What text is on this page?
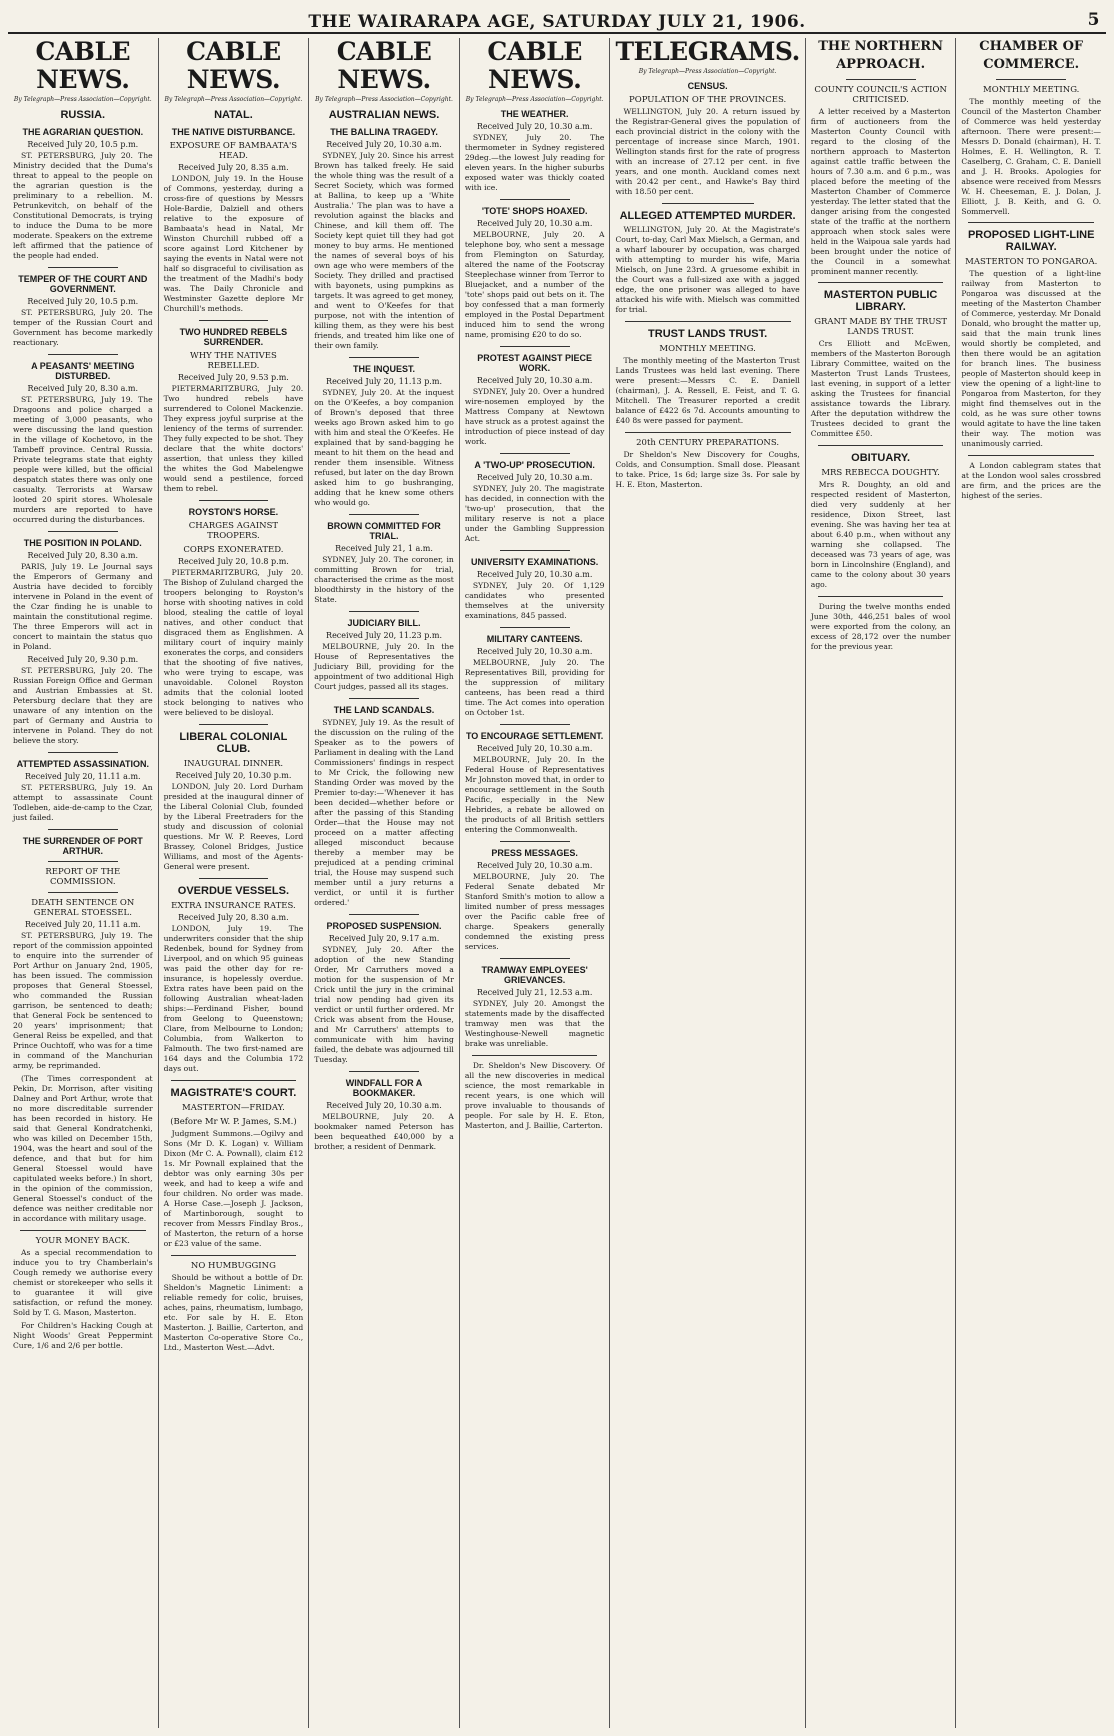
THE WAIRARAPA AGE, SATURDAY JULY 21, 1906.	5
CABLE NEWS.
By Telegraph—Press Association—Copyright.
RUSSIA.
THE AGRARIAN QUESTION.
Received July 20, 10.5 p.m.

ST. PETERSBURG, July 20. The Ministry decided that the Duma's threat to appeal to the people on the agrarian question is the preliminary to a rebellion. M. Petrunkevitch, on behalf of the Constitutional Democrats, is trying to induce the Duma to be more moderate. Speakers on the extreme left affirmed that the patience of the people had ended.

TEMPER OF THE COURT AND GOVERNMENT.
Received July 20, 10.5 p.m.

ST. PETERSBURG, July 20. The temper of the Russian Court and Government has become markedly reactionary.

A PEASANTS' MEETING DISTURBED.
Received July 20, 8.30 a.m.

ST. PETERSBURG, July 19. The Dragoons and police charged a meeting of 3,000 peasants, who were discussing the land question in the village of Kochetovo, in the Tambeff province. Central Russia. Private telegrams state that eighty people were killed, but the official despatch states there was only one casualty. Terrorists at Warsaw looted 20 spirit stores. Wholesale murders are reported to have occurred during the disturbances.

THE POSITION IN POLAND.
Received July 20, 8.30 a.m.

PARIS, July 19. Le Journal says the Emperors of Germany and Austria have decided to forcibly intervene in Poland in the event of the Czar finding he is unable to maintain the constitutional regime. The three Emperors will act in concert to maintain the status quo in Poland.

Received July 20, 9.30 p.m.

ST. PETERSBURG, July 20. The Russian Foreign Office and German and Austrian Embassies at St. Petersburg declare that they are unaware of any intention on the part of Germany and Austria to intervene in Poland. They do not believe the story.

ATTEMPTED ASSASSINATION.
Received July 20, 11.11 a.m.

ST. PETERSBURG, July 19. An attempt to assassinate Count Todleben, aide-de-camp to the Czar, just failed.

THE SURRENDER OF PORT ARTHUR.
REPORT OF THE COMMISSION.
DEATH SENTENCE ON GENERAL STOESSEL.
Received July 20, 11.11 a.m.

ST. PETERSBURG, July 19. The report of the commission appointed to enquire into the surrender of Port Arthur on January 2nd, 1905, has been issued. The commission proposes that General Stoessel, who commanded the Russian garrison, be sentenced to death; that General Fock be sentenced to 20 years' imprisonment; that General Reiss be expelled, and that Prince Ouchtoff, who was for a time in command of the Manchurian army, be reprimanded.

(The Times correspondent at Pekin, Dr. Morrison, after visiting Dalney and Port Arthur, wrote that no more discreditable surrender has been recorded in history. He said that General Kondratchenki, who was killed on December 15th, 1904, was the heart and soul of the defence, and that but for him General Stoessel would have capitulated weeks before.) In short, in the opinion of the commission, General Stoessel's conduct of the defence was neither creditable nor in accordance with military usage.

YOUR MONEY BACK.

As a special recommendation to induce you to try Chamberlain's Cough remedy we authorise every chemist or storekeeper who sells it to guarantee it will give satisfaction, or refund the money. Sold by T. G. Mason, Masterton.

For Children's Hacking Cough at Night Woods' Great Peppermint Cure, 1/6 and 2/6 per bottle.

CABLE NEWS.
By Telegraph—Press Association—Copyright.
NATAL.
THE NATIVE DISTURBANCE.
EXPOSURE OF BAMBAATA'S HEAD.
Received July 20, 8.35 a.m.

LONDON, July 19. In the House of Commons, yesterday, during a cross-fire of questions by Messrs Hole-Bardie, Dalziell and others relative to the exposure of Bambaata's head in Natal, Mr Winston Churchill rubbed off a score against Lord Kitchener by saying the events in Natal were not half so disgraceful to civilisation as the treatment of the Madhi's body was. The Daily Chronicle and Westminster Gazette deplore Mr Churchill's methods.

TWO HUNDRED REBELS SURRENDER.
WHY THE NATIVES REBELLED.
Received July 20, 9.53 p.m.

PIETERMARITZBURG, July 20. Two hundred rebels have surrendered to Colonel Mackenzie. They express joyful surprise at the leniency of the terms of surrender. They fully expected to be shot. They declare that the white doctors' assertion, that unless they killed the whites the God Mabelengwe would send a pestilence, forced them to rebel.

ROYSTON'S HORSE.
CHARGES AGAINST TROOPERS.
CORPS EXONERATED.
Received July 20, 10.8 p.m.

PIETERMARITZBURG, July 20. The Bishop of Zululand charged the troopers belonging to Royston's horse with shooting natives in cold blood, stealing the cattle of loyal natives, and other conduct that disgraced them as Englishmen. A military court of inquiry mainly exonerates the corps, and considers that the shooting of five natives, who were trying to escape, was unavoidable. Colonel Royston admits that the colonial looted stock belonging to natives who were believed to be disloyal.

LIBERAL COLONIAL CLUB.
INAUGURAL DINNER.
Received July 20, 10.30 p.m.

LONDON, July 20. Lord Durham presided at the inaugural dinner of the Liberal Colonial Club, founded by the Liberal Freetraders for the study and discussion of colonial questions. Mr W. P. Reeves, Lord Brassey, Colonel Bridges, Justice Williams, and most of the Agents-General were present.

OVERDUE VESSELS.
EXTRA INSURANCE RATES.
Received July 20, 8.30 a.m.

LONDON, July 19. The underwriters consider that the ship Redenbek, bound for Sydney from Liverpool, and on which 95 guineas was paid the other day for re-insurance, is hopelessly overdue. Extra rates have been paid on the following Australian wheat-laden ships:—Ferdinand Fisher, bound from Geelong to Queenstown; Clare, from Melbourne to London; Columbia, from Walkerton to Falmouth. The two first-named are 164 days and the Columbia 172 days out.

MAGISTRATE'S COURT.
MASTERTON—FRIDAY.
(Before Mr W. P. James, S.M.)

Judgment Summons.—Ogilvy and Sons (Mr D. K. Logan) v. William Dixon (Mr C. A. Pownall), claim £12 1s. Mr Pownall explained that the debtor was only earning 30s per week, and had to keep a wife and four children. No order was made. A Horse Case.—Joseph J. Jackson, of Martinborough, sought to recover from Messrs Findlay Bros., of Masterton, the return of a horse or £23 value of the same.

NO HUMBUGGING

Should be without a bottle of Dr. Sheldon's Magnetic Liniment: a reliable remedy for colic, bruises, aches, pains, rheumatism, lumbago, etc. For sale by H. E. Eton Masterton. J. Baillie, Carterton, and Masterton Co-operative Store Co., Ltd., Masterton West.—Advt.

CABLE NEWS.
By Telegraph—Press Association—Copyright.
AUSTRALIAN NEWS.
THE BALLINA TRAGEDY.
Received July 20, 10.30 a.m.

SYDNEY, July 20. Since his arrest Brown has talked freely. He said the whole thing was the result of a Secret Society, which was formed at Ballina, to keep up a 'White Australia.' The plan was to have a revolution against the blacks and Chinese, and kill them off. The Society kept quiet till they had got money to buy arms. He mentioned the names of several boys of his own age who were members of the Society. They drilled and practised with bayonets, using pumpkins as targets. It was agreed to get money, and went to O'Keefes for that purpose, not with the intention of killing them, as they were his best friends, and treated him like one of their own family.

THE INQUEST.
Received July 20, 11.13 p.m.

SYDNEY, July 20. At the inquest on the O'Keefes, a boy companion of Brown's deposed that three weeks ago Brown asked him to go with him and steal the O'Keefes. He explained that by sand-bagging he meant to hit them on the head and render them insensible. Witness refused, but later on the day Brown asked him to go bushranging, adding that he knew some others who would go.

BROWN COMMITTED FOR TRIAL.
Received July 21, 1 a.m.

SYDNEY, July 20. The coroner, in committing Brown for trial, characterised the crime as the most bloodthirsty in the history of the State.

JUDICIARY BILL.
Received July 20, 11.23 p.m.

MELBOURNE, July 20. In the House of Representatives the Judiciary Bill, providing for the appointment of two additional High Court judges, passed all its stages.

THE LAND SCANDALS.

SYDNEY, July 19. As the result of the discussion on the ruling of the Speaker as to the powers of Parliament in dealing with the Land Commissioners' findings in respect to Mr Crick, the following new Standing Order was moved by the Premier to-day:—'Whenever it has been decided—whether before or after the passing of this Standing Order—that the House may not proceed on a matter affecting alleged misconduct because thereby a member may be prejudiced at a pending criminal trial, the House may suspend such member until a jury returns a verdict, or until it is further ordered.'

PROPOSED SUSPENSION.
Received July 20, 9.17 a.m.

SYDNEY, July 20. After the adoption of the new Standing Order, Mr Carruthers moved a motion for the suspension of Mr Crick until the jury in the criminal trial now pending had given its verdict or until further ordered. Mr Crick was absent from the House, and Mr Carruthers' attempts to communicate with him having failed, the debate was adjourned till Tuesday.

WINDFALL FOR A BOOKMAKER.
Received July 20, 10.30 a.m.

MELBOURNE, July 20. A bookmaker named Peterson has been bequeathed £40,000 by a brother, a resident of Denmark.

CABLE NEWS.
By Telegraph—Press Association—Copyright.
THE WEATHER.
Received July 20, 10.30 a.m.

SYDNEY, July 20. The thermometer in Sydney registered 29deg.—the lowest July reading for eleven years. In the higher suburbs exposed water was thickly coated with ice.

'TOTE' SHOPS HOAXED.
Received July 20, 10.30 a.m.

MELBOURNE, July 20. A telephone boy, who sent a message from Flemington on Saturday, altered the name of the Footscray Steeplechase winner from Terror to Bluejacket, and a number of the 'tote' shops paid out bets on it. The boy confessed that a man formerly employed in the Postal Department induced him to send the wrong name, promising £20 to do so.

PROTEST AGAINST PIECE WORK.
Received July 20, 10.30 a.m.

SYDNEY, July 20. Over a hundred wire-nosemen employed by the Mattress Company at Newtown have struck as a protest against the introduction of piece instead of day work.

A 'TWO-UP' PROSECUTION.
Received July 20, 10.30 a.m.

SYDNEY, July 20. The magistrate has decided, in connection with the 'two-up' prosecution, that the military reserve is not a place under the Gambling Suppression Act.

UNIVERSITY EXAMINATIONS.
Received July 20, 10.30 a.m.

SYDNEY, July 20. Of 1,129 candidates who presented themselves at the university examinations, 845 passed.

MILITARY CANTEENS.
Received July 20, 10.30 a.m.

MELBOURNE, July 20. The Representatives Bill, providing for the suppression of military canteens, has been read a third time. The Act comes into operation on October 1st.

TO ENCOURAGE SETTLEMENT.
Received July 20, 10.30 a.m.

MELBOURNE, July 20. In the Federal House of Representatives Mr Johnston moved that, in order to encourage settlement in the South Pacific, especially in the New Hebrides, a rebate be allowed on the products of all British settlers entering the Commonwealth.

PRESS MESSAGES.
Received July 20, 10.30 a.m.

MELBOURNE, July 20. The Federal Senate debated Mr Stanford Smith's motion to allow a limited number of press messages over the Pacific cable free of charge. Speakers generally condemned the existing press services.

TRAMWAY EMPLOYEES' GRIEVANCES.
Received July 21, 12.53 a.m.

SYDNEY, July 20. Amongst the statements made by the disaffected tramway men was that the Westinghouse-Newell magnetic brake was unreliable.

Dr. Sheldon's New Discovery. Of all the new discoveries in medical science, the most remarkable in recent years, is one which will prove invaluable to thousands of people. For sale by H. E. Eton, Masterton, and J. Baillie, Carterton.

TELEGRAMS.
By Telegraph—Press Association—Copyright.
CENSUS.
POPULATION OF THE PROVINCES.

WELLINGTON, July 20. A return issued by the Registrar-General gives the population of each provincial district in the colony with the percentage of increase since March, 1901. Wellington stands first for the rate of progress with an increase of 27.12 per cent. in five years, and one month. Auckland comes next with 20.42 per cent., and Hawke's Bay third with 18.50 per cent.

ALLEGED ATTEMPTED MURDER.

WELLINGTON, July 20. At the Magistrate's Court, to-day, Carl Max Mielsch, a German, and a wharf labourer by occupation, was charged with attempting to murder his wife, Maria Mielsch, on June 23rd. A gruesome exhibit in the Court was a full-sized axe with a jagged edge, the one prisoner was alleged to have attacked his wife with. Mielsch was committed for trial.

TRUST LANDS TRUST.
MONTHLY MEETING.

The monthly meeting of the Masterton Trust Lands Trustees was held last evening. There were present:—Messrs C. E. Daniell (chairman), J. A. Ressell, E. Feist, and T. G. Mitchell. The Treasurer reported a credit balance of £422 6s 7d. Accounts amounting to £40 8s were passed for payment.

20th CENTURY PREPARATIONS.

Dr Sheldon's New Discovery for Coughs, Colds, and Consumption. Small dose. Pleasant to take. Price, 1s 6d; large size 3s. For sale by H. E. Eton, Masterton.

THE NORTHERN APPROACH.
COUNTY COUNCIL'S ACTION CRITICISED.

A letter received by a Masterton firm of auctioneers from the Masterton County Council with regard to the closing of the northern approach to Masterton against cattle traffic between the hours of 7.30 a.m. and 6 p.m., was placed before the meeting of the Masterton Chamber of Commerce yesterday. The letter stated that the danger arising from the congested state of the traffic at the northern approach when stock sales were held in the Waipoua sale yards had been brought under the notice of the Council in a somewhat prominent manner recently.

MASTERTON PUBLIC LIBRARY.
GRANT MADE BY THE TRUST LANDS TRUST.

Crs Elliott and McEwen, members of the Masterton Borough Library Committee, waited on the Masterton Trust Lands Trustees, last evening, in support of a letter asking the Trustees for financial assistance towards the Library. After the deputation withdrew the Trustees decided to grant the Committee £50.

OBITUARY.
MRS REBECCA DOUGHTY.

Mrs R. Doughty, an old and respected resident of Masterton, died very suddenly at her residence, Dixon Street, last evening. She was having her tea at about 6.40 p.m., when without any warning she collapsed. The deceased was 73 years of age, was born in Lincolnshire (England), and came to the colony about 30 years ago.

During the twelve months ended June 30th, 446,251 bales of wool were exported from the colony, an excess of 28,172 over the number for the previous year.

CHAMBER OF COMMERCE.
MONTHLY MEETING.

The monthly meeting of the Council of the Masterton Chamber of Commerce was held yesterday afternoon. There were present:—Messrs D. Donald (chairman), H. T. Holmes, E. H. Wellington, R. T. Caselberg, C. Graham, C. E. Daniell and J. H. Brooks. Apologies for absence were received from Messrs W. H. Cheeseman, E. J. Dolan, J. Elliott, J. B. Keith, and G. O. Sommervell.

PROPOSED LIGHT-LINE RAILWAY.
MASTERTON TO PONGAROA.

The question of a light-line railway from Masterton to Pongaroa was discussed at the meeting of the Masterton Chamber of Commerce, yesterday. Mr Donald Donald, who brought the matter up, said that the main trunk lines would shortly be completed, and then there would be an agitation for branch lines. The business people of Masterton should keep in view the opening of a light-line to Pongaroa from Masterton, for they might find themselves out in the cold, as he was sure other towns would agitate to have the line taken their way. The motion was unanimously carried.

A London cablegram states that at the London wool sales crossbred are firm, and the prices are the highest of the series.
